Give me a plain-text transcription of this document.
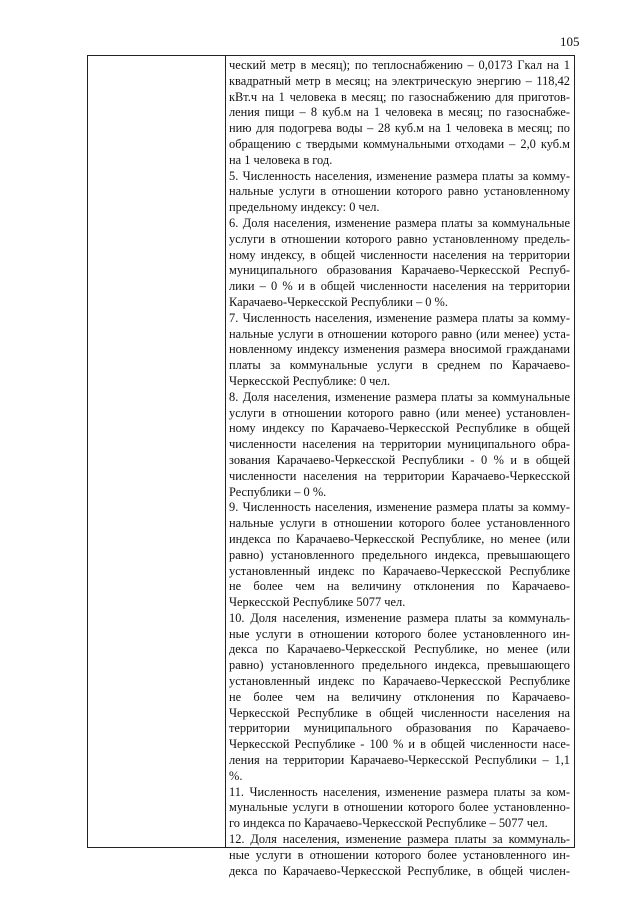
105
ческий метр в месяц); по теплоснабжению – 0,0173 Гкал на 1
квадратный метр в месяц; на электрическую энергию – 118,42
кВт.ч на 1 человека в месяц; по газоснабжению для приготов-
ления пищи – 8 куб.м на 1 человека в месяц; по газоснабже-
нию для подогрева воды – 28 куб.м на 1 человека в месяц; по
обращению с твердыми коммунальными отходами – 2,0 куб.м
на 1 человека в год.
5. Численность населения, изменение размера платы за комму-
нальные услуги в отношении которого равно установленному
предельному индексу: 0 чел.
6. Доля населения, изменение размера платы за коммунальные
услуги в отношении которого равно установленному предель-
ному индексу, в общей численности населения на территории
муниципального образования Карачаево-Черкесской Респуб-
лики – 0 % и в общей численности населения на территории
Карачаево-Черкесской Республики – 0 %.
7. Численность населения, изменение размера платы за комму-
нальные услуги в отношении которого равно (или менее) уста-
новленному индексу изменения размера вносимой гражданами
платы за коммунальные услуги в среднем по Карачаево-
Черкесской Республике: 0 чел.
8. Доля населения, изменение размера платы за коммунальные
услуги в отношении которого равно (или менее) установлен-
ному индексу по Карачаево-Черкесской Республике в общей
численности населения на территории муниципального обра-
зования Карачаево-Черкесской Республики - 0 % и в общей
численности населения на территории Карачаево-Черкесской
Республики – 0 %.
9. Численность населения, изменение размера платы за комму-
нальные услуги в отношении которого более установленного
индекса по Карачаево-Черкесской Республике, но менее (или
равно) установленного предельного индекса, превышающего
установленный индекс по Карачаево-Черкесской Республике
не более чем на величину отклонения по Карачаево-
Черкесской Республике 5077 чел.
10. Доля населения, изменение размера платы за коммуналь-
ные услуги в отношении которого более установленного ин-
декса по Карачаево-Черкесской Республике, но менее (или
равно) установленного предельного индекса, превышающего
установленный индекс по Карачаево-Черкесской Республике
не более чем на величину отклонения по Карачаево-
Черкесской Республике в общей численности населения на
территории муниципального образования по Карачаево-
Черкесской Республике - 100 % и в общей численности насе-
ления на территории Карачаево-Черкесской Республики – 1,1
%.
11. Численность населения, изменение размера платы за ком-
мунальные услуги в отношении которого более установленно-
го индекса по Карачаево-Черкесской Республике – 5077 чел.
12. Доля населения, изменение размера платы за коммуналь-
ные услуги в отношении которого более установленного ин-
декса по Карачаево-Черкесской Республике, в общей числен-
